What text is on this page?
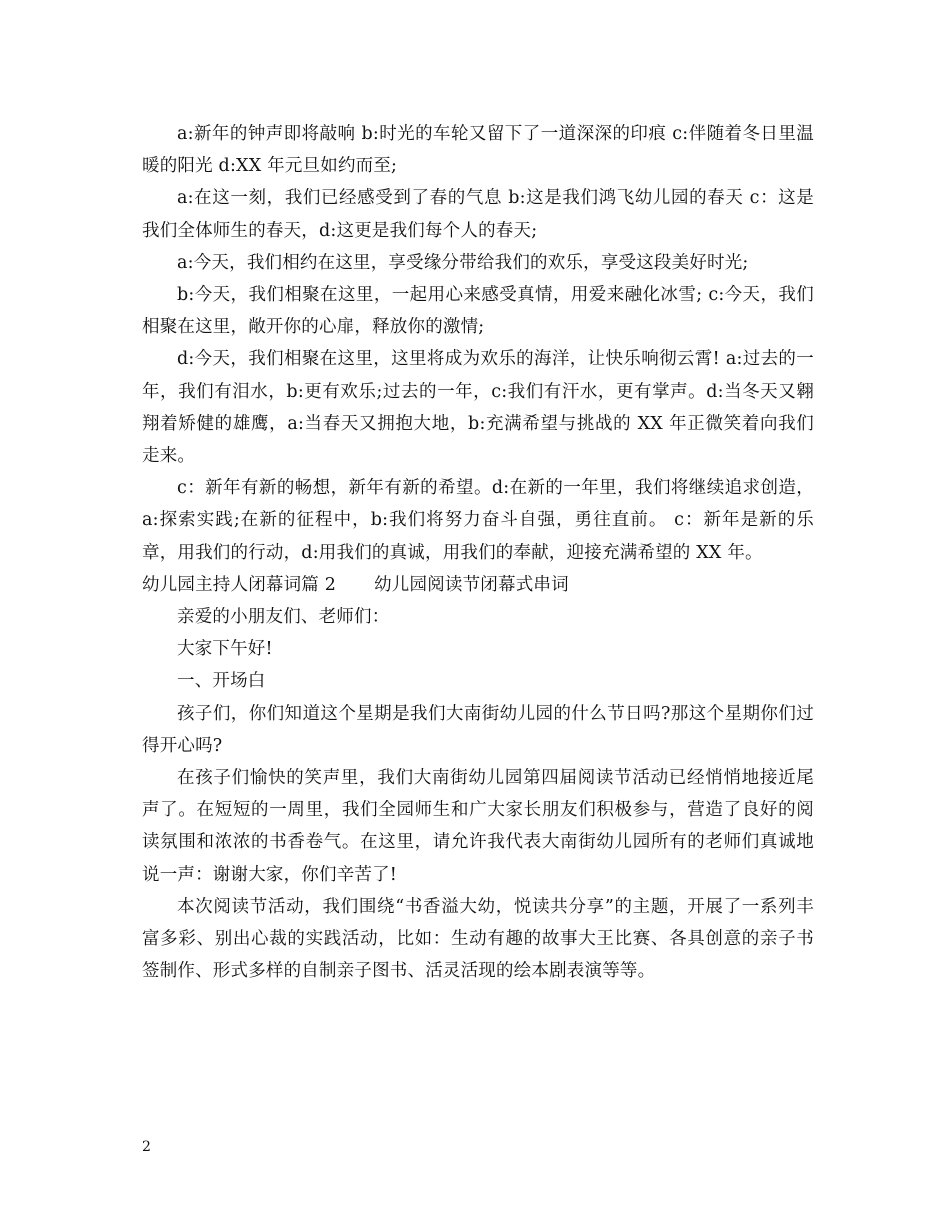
a:新年的钟声即将敲响 b:时光的车轮又留下了一道深深的印痕 c:伴随着冬日里温暖的阳光 d:XX 年元旦如约而至;

a:在这一刻，我们已经感受到了春的气息 b:这是我们鸿飞幼儿园的春天 c：这是我们全体师生的春天，d:这更是我们每个人的春天;

a:今天，我们相约在这里，享受缘分带给我们的欢乐，享受这段美好时光;

b:今天，我们相聚在这里，一起用心来感受真情，用爱来融化冰雪; c:今天，我们相聚在这里，敞开你的心扉，释放你的激情;

d:今天，我们相聚在这里，这里将成为欢乐的海洋，让快乐响彻云霄! a:过去的一年，我们有泪水，b:更有欢乐;过去的一年，c:我们有汗水，更有掌声。d:当冬天又翱翔着矫健的雄鹰，a:当春天又拥抱大地，b:充满希望与挑战的 XX 年正微笑着向我们走来。

c：新年有新的畅想，新年有新的希望。d:在新的一年里，我们将继续追求创造，a:探索实践;在新的征程中，b:我们将努力奋斗自强，勇往直前。 c：新年是新的乐章，用我们的行动，d:用我们的真诚，用我们的奉献，迎接充满希望的 XX 年。

幼儿园主持人闭幕词篇 2 幼儿园阅读节闭幕式串词

亲爱的小朋友们、老师们：

大家下午好!

一、开场白

孩子们，你们知道这个星期是我们大南街幼儿园的什么节日吗?那这个星期你们过得开心吗?

在孩子们愉快的笑声里，我们大南街幼儿园第四届阅读节活动已经悄悄地接近尾声了。在短短的一周里，我们全园师生和广大家长朋友们积极参与，营造了良好的阅读氛围和浓浓的书香卷气。在这里，请允许我代表大南街幼儿园所有的老师们真诚地说一声：谢谢大家，你们辛苦了!

本次阅读节活动，我们围绕“书香溢大幼，悦读共分享”的主题，开展了一系列丰富多彩、别出心裁的实践活动，比如：生动有趣的故事大王比赛、各具创意的亲子书签制作、形式多样的自制亲子图书、活灵活现的绘本剧表演等等。

2
